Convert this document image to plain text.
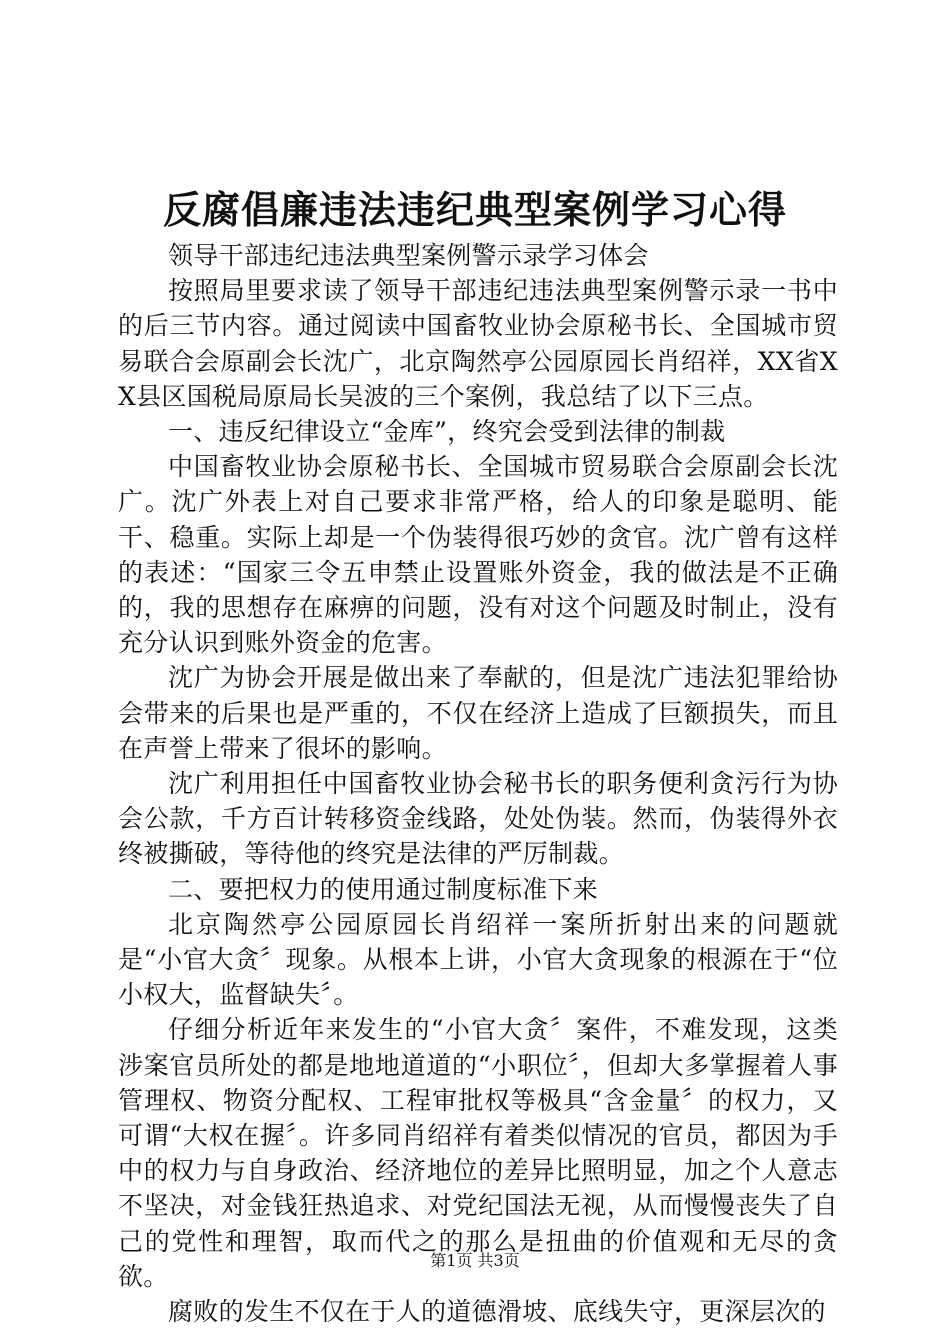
反腐倡廉违法违纪典型案例学习心得

领导干部违纪违法典型案例警示录学习体会

按照局里要求读了领导干部违纪违法典型案例警示录一书中的后三节内容。通过阅读中国畜牧业协会原秘书长、全国城市贸易联合会原副会长沈广，北京陶然亭公园原园长肖绍祥，XX省XX县区国税局原局长吴波的三个案例，我总结了以下三点。

一、违反纪律设立“金库”，终究会受到法律的制裁

中国畜牧业协会原秘书长、全国城市贸易联合会原副会长沈广。沈广外表上对自己要求非常严格，给人的印象是聪明、能干、稳重。实际上却是一个伪装得很巧妙的贪官。沈广曾有这样的表述：“国家三令五申禁止设置账外资金，我的做法是不正确的，我的思想存在麻痹的问题，没有对这个问题及时制止，没有充分认识到账外资金的危害。

沈广为协会开展是做出来了奉献的，但是沈广违法犯罪给协会带来的后果也是严重的，不仅在经济上造成了巨额损失，而且在声誉上带来了很坏的影响。

沈广利用担任中国畜牧业协会秘书长的职务便利贪污行为协会公款，千方百计转移资金线路，处处伪装。然而，伪装得外衣终被撕破，等待他的终究是法律的严厉制裁。

二、要把权力的使用通过制度标准下来

北京陶然亭公园原园长肖绍祥一案所折射出来的问题就是“小官大贪〞现象。从根本上讲，小官大贪现象的根源在于“位小权大，监督缺失〞。

仔细分析近年来发生的“小官大贪〞案件，不难发现，这类涉案官员所处的都是地地道道的“小职位〞，但却大多掌握着人事管理权、物资分配权、工程审批权等极具“含金量〞的权力，又可谓“大权在握〞。许多同肖绍祥有着类似情况的官员，都因为手中的权力与自身政治、经济地位的差异比照明显，加之个人意志不坚决，对金钱狂热追求、对党纪国法无视，从而慢慢丧失了自己的党性和理智，取而代之的那么是扭曲的价值观和无尽的贪欲。

腐败的发生不仅在于人的道德滑坡、底线失守，更深层次的

第1页 共3页
